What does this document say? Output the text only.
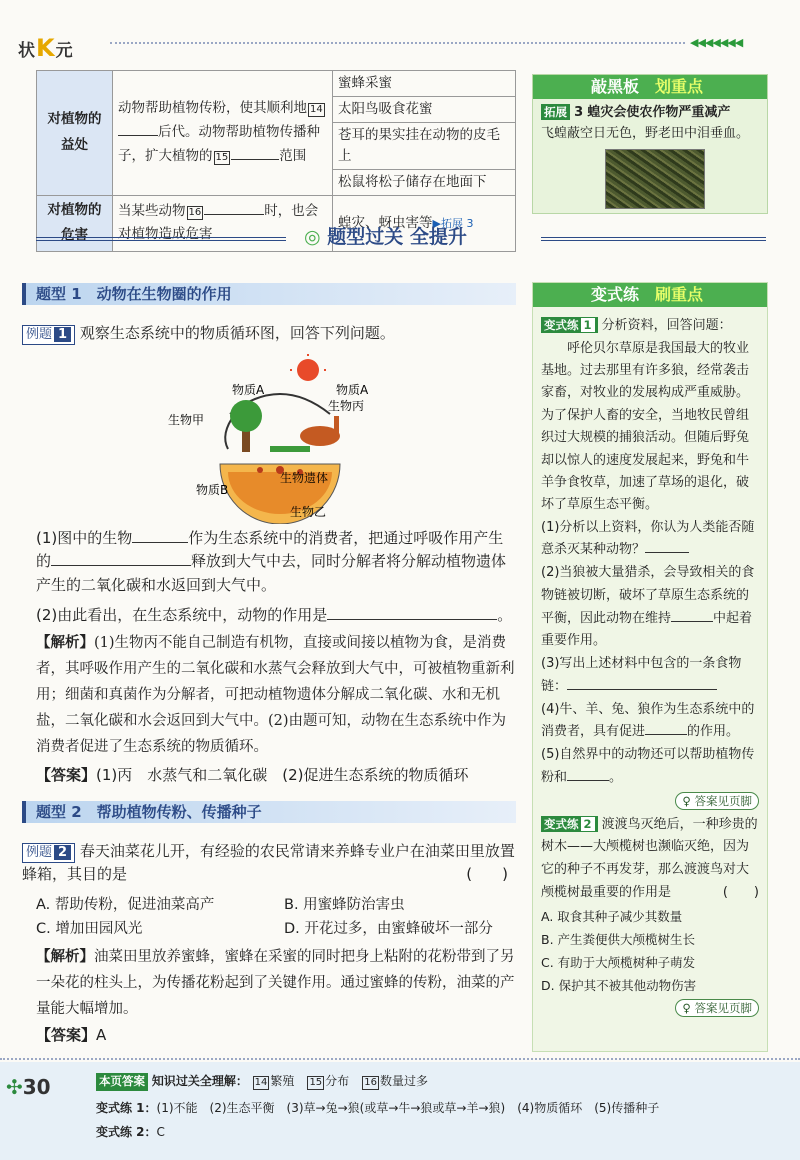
状K元	◀◀◀◀◀◀◀
对植物的益处	动物帮助植物传粉，使其顺利地 14后代。动物帮助植物传播种子，扩大植物的 15 范围	蜜蜂采蜜
		太阳鸟吸食花蜜
		苍耳的果实挂在动物的皮毛上
		松鼠将松子储存在地面下
对植物的危害	当某些动物 16 时，也会对植物造成危害	蝗灾、蚜虫害等▶拓展 3
敲黑板　 划重点
拓展 3 蝗灾会使农作物严重减产
飞蝗蔽空日无色，野老田中泪垂血。
◎ 题型过关 全提升
题型 1　动物在生物圈的作用
例题 1 观察生态系统中的物质循环图，回答下列问题。
物质A	物质A
生物甲
生物丙
生物遗体
物质B
生物乙
(1)图中的生物	作为生态系统中的消费者，把通过呼吸作用产生的	释放到大气中去，同时分解者将分解动植物遗体产生的二氧化碳和水返回到大气中。
(2)由此看出，在生态系统中，动物的作用是	。
【解析】(1)生物丙不能自己制造有机物，直接或间接以植物为食，是消费者，其呼吸作用产生的二氧化碳和水蒸气会释放到大气中，可被植物重新利用；细菌和真菌作为分解者，可把动植物遗体分解成二氧化碳、水和无机盐，二氧化碳和水会返回到大气中。(2)由题可知，动物在生态系统中作为消费者促进了生态系统的物质循环。
【答案】(1)丙　水蒸气和二氧化碳　(2)促进生态系统的物质循环
题型 2　帮助植物传粉、传播种子
例题 2 春天油菜花儿开，有经验的农民常请来养蜂专业户在油菜田里放置蜂箱，其目的是	(　　)
A. 帮助传粉，促进油菜高产	B. 用蜜蜂防治害虫
C. 增加田园风光	D. 开花过多，由蜜蜂破坏一部分
【解析】油菜田里放养蜜蜂，蜜蜂在采蜜的同时把身上粘附的花粉带到了另一朵花的柱头上，为传播花粉起到了关键作用。通过蜜蜂的传粉，油菜的产量能大幅增加。
【答案】A
变式练　 刷重点
变式练 1 分析资料，回答问题：
呼伦贝尔草原是我国最大的牧业基地。过去那里有许多狼，经常袭击家畜，对牧业的发展构成严重威胁。为了保护人畜的安全，当地牧民曾组织过大规模的捕狼活动。但随后野兔却以惊人的速度发展起来，野兔和牛羊争食牧草，加速了草场的退化，破坏了草原生态平衡。
(1)分析以上资料，你认为人类能否随意杀灭某种动物？
(2)当狼被大量猎杀，会导致相关的食物链被切断，破坏了草原生态系统的平衡，因此动物在维持	中起着重要作用。
(3)写出上述材料中包含的一条食物链：
(4)牛、羊、兔、狼作为生态系统中的消费者，具有促进	的作用。
(5)自然界中的动物还可以帮助植物传粉和	。
♀ 答案见页脚
变式练 2 渡渡鸟灭绝后，一种珍贵的树木——大颅榄树也濒临灭绝，因为它的种子不再发芽，那么渡渡鸟对大颅榄树最重要的作用是	(　　)
A. 取食其种子减少其数量
B. 产生粪便供大颅榄树生长
C. 有助于大颅榄树种子萌发
D. 保护其不被其他动物伤害
♀ 答案见页脚
✣30	本页答案 知识过关全理解： 14 繁殖　 15 分布　 16 数量过多
变式练 1：(1)不能　(2)生态平衡　(3)草→兔→狼(或草→牛→狼或草→羊→狼)　(4)物质循环　(5)传播种子
变式练 2：C
